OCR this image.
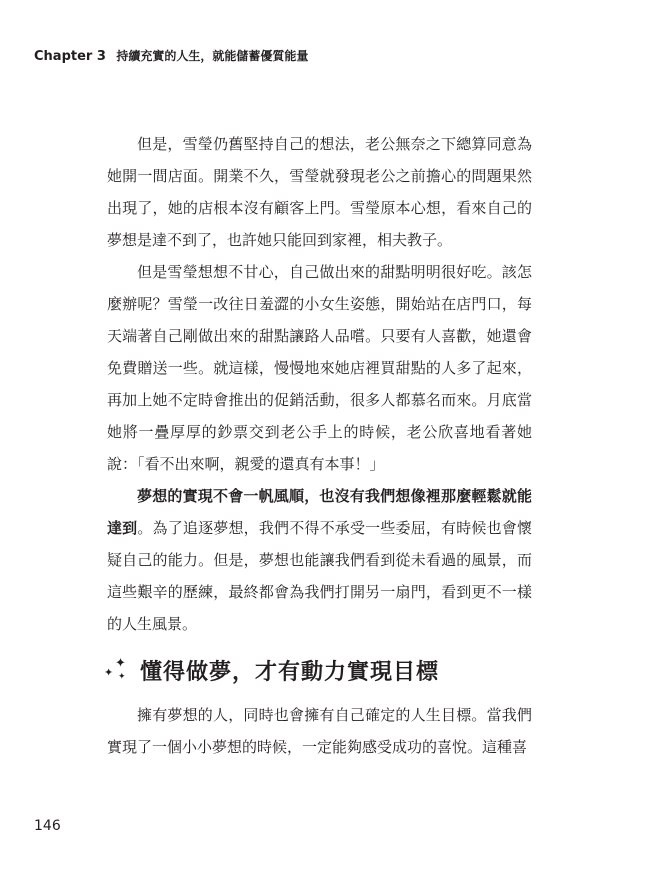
Chapter 3 持續充實的人生，就能儲蓄優質能量

但是，雪瑩仍舊堅持自己的想法，老公無奈之下總算同意為她開一間店面。開業不久，雪瑩就發現老公之前擔心的問題果然出現了，她的店根本沒有顧客上門。雪瑩原本心想，看來自己的夢想是達不到了，也許她只能回到家裡，相夫教子。

但是雪瑩想想不甘心，自己做出來的甜點明明很好吃。該怎麼辦呢？雪瑩一改往日羞澀的小女生姿態，開始站在店門口，每天端著自己剛做出來的甜點讓路人品嚐。只要有人喜歡，她還會免費贈送一些。就這樣，慢慢地來她店裡買甜點的人多了起來，再加上她不定時會推出的促銷活動，很多人都慕名而來。月底當她將一疊厚厚的鈔票交到老公手上的時候，老公欣喜地看著她說：「看不出來啊，親愛的還真有本事！」

夢想的實現不會一帆風順，也沒有我們想像裡那麼輕鬆就能達到。為了追逐夢想，我們不得不承受一些委屈，有時候也會懷疑自己的能力。但是，夢想也能讓我們看到從未看過的風景，而這些艱辛的歷練，最終都會為我們打開另一扇門，看到更不一樣的人生風景。

✦
✦
✦ 懂得做夢，才有動力實現目標

擁有夢想的人，同時也會擁有自己確定的人生目標。當我們實現了一個小小夢想的時候，一定能夠感受成功的喜悅。這種喜

146
